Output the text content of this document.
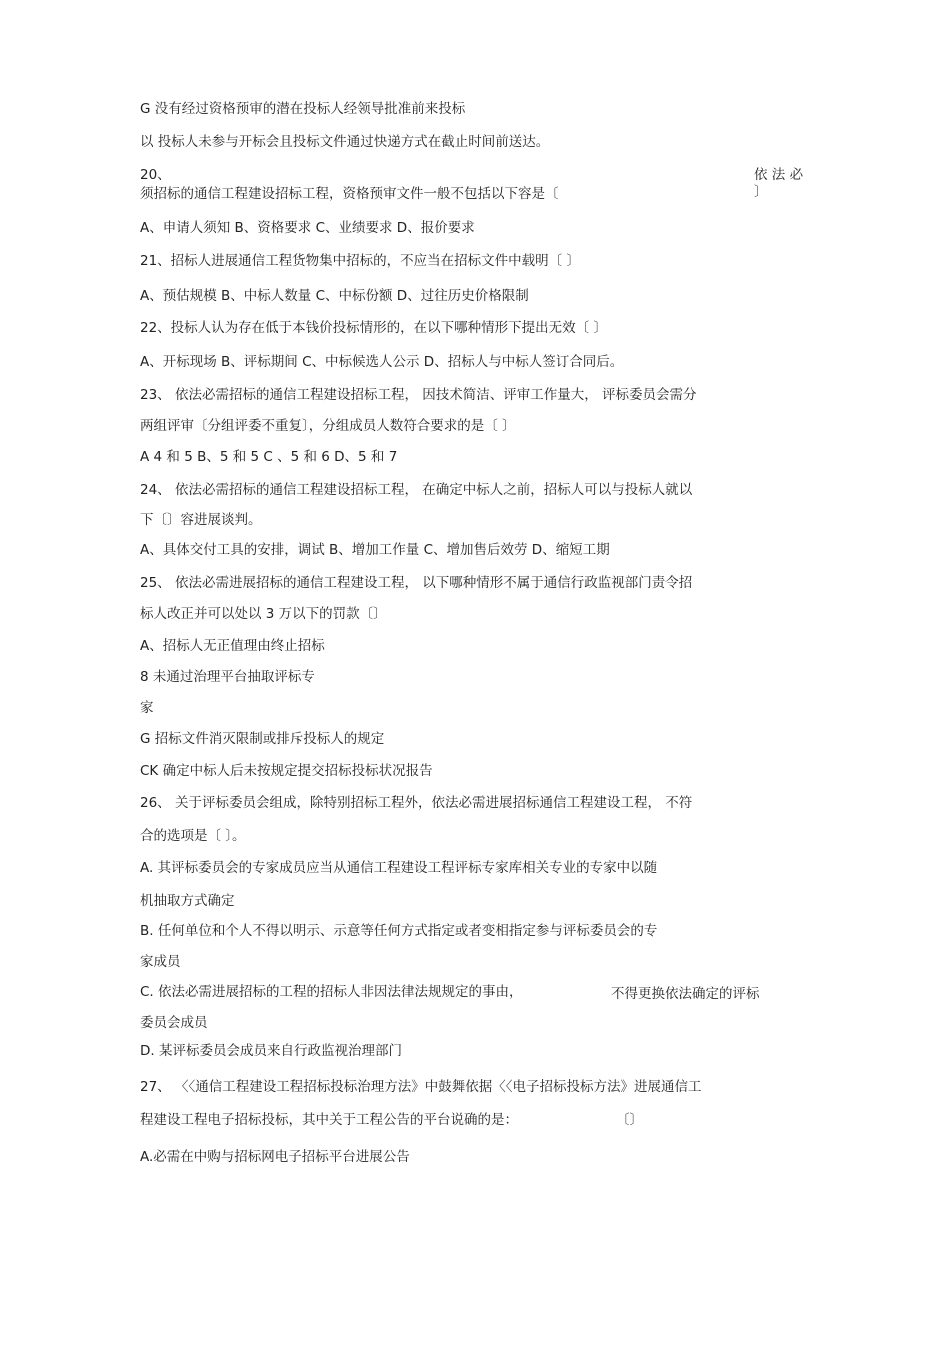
G 没有经过资格预审的潜在投标人经领导批准前来投标
以 投标人未参与开标会且投标文件通过快递方式在截止时间前送达。
20、	依 法 必
须招标的通信工程建设招标工程，资格预审文件一般不包括以下容是〔	〕
A、申请人须知 B、资格要求 C、业绩要求 D、报价要求
21、招标人进展通信工程货物集中招标的，不应当在招标文件中载明〔 〕
A、预估规模 B、中标人数量 C、中标份额 D、过往历史价格限制
22、投标人认为存在低于本钱价投标情形的，在以下哪种情形下提出无效〔 〕
A、开标现场 B、评标期间 C、中标候选人公示 D、招标人与中标人签订合同后。
23、 依法必需招标的通信工程建设招标工程， 因技术简洁、评审工作量大， 评标委员会需分
两组评审〔分组评委不重复〕，分组成员人数符合要求的是〔 〕
A 4 和 5 B、5 和 5 C 、5 和 6 D、5 和 7
24、 依法必需招标的通信工程建设招标工程， 在确定中标人之前，招标人可以与投标人就以
下〔〕容进展谈判。
A、具体交付工具的安排，调试 B、增加工作量 C、增加售后效劳 D、缩短工期
25、 依法必需进展招标的通信工程建设工程， 以下哪种情形不属于通信行政监视部门责令招
标人改正并可以处以 3 万以下的罚款〔〕
A、招标人无正值理由终止招标
8 未通过治理平台抽取评标专
家
G 招标文件消灭限制或排斥投标人的规定
CK 确定中标人后未按规定提交招标投标状况报告
26、 关于评标委员会组成，除特别招标工程外，依法必需进展招标通信工程建设工程， 不符
合的选项是〔 〕。
A. 其评标委员会的专家成员应当从通信工程建设工程评标专家库相关专业的专家中以随
机抽取方式确定
B. 任何单位和个人不得以明示、示意等任何方式指定或者变相指定参与评标委员会的专
家成员
C. 依法必需进展招标的工程的招标人非因法律法规规定的事由，	不得更换依法确定的评标
委员会成员
D. 某评标委员会成员来自行政监视治理部门
27、 〈〈通信工程建设工程招标投标治理方法》中鼓舞依据〈〈电子招标投标方法》进展通信工
程建设工程电子招标投标，其中关于工程公告的平台说确的是：	〔〕
A.必需在中购与招标网电子招标平台进展公告
